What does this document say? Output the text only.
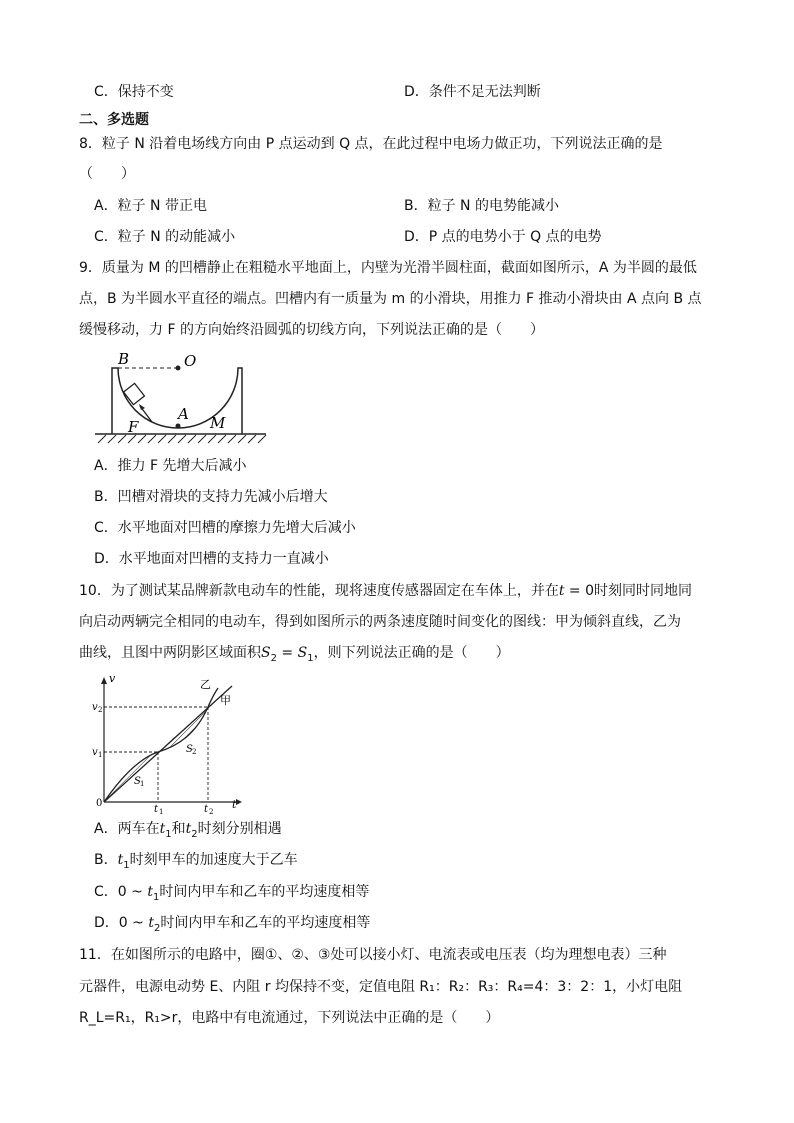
C．保持不变	D．条件不足无法判断
二、多选题
8．粒子 N 沿着电场线方向由 P 点运动到 Q 点，在此过程中电场力做正功，下列说法正确的是
（　　）
A．粒子 N 带正电	B．粒子 N 的电势能减小
C．粒子 N 的动能减小	D．P 点的电势小于 Q 点的电势
9．质量为 M 的凹槽静止在粗糙水平地面上，内壁为光滑半圆柱面，截面如图所示，A 为半圆的最低
点，B 为半圆水平直径的端点。凹槽内有一质量为 m 的小滑块，用推力 F 推动小滑块由 A 点向 B 点
缓慢移动，力 F 的方向始终沿圆弧的切线方向，下列说法正确的是（　　）
B	O
A M
F
A．推力 F 先增大后减小
B．凹槽对滑块的支持力先减小后增大
C．水平地面对凹槽的摩擦力先增大后减小
D．水平地面对凹槽的支持力一直减小
10．为了测试某品牌新款电动车的性能，现将速度传感器固定在车体上，并在t = 0时刻同时同地同
向启动两辆完全相同的电动车，得到如图所示的两条速度随时间变化的图线：甲为倾斜直线，乙为
曲线，且图中两阴影区域面积$S_2 = S_1$，则下列说法正确的是（　　）
v
t
0
v 1
v 2
t 1	t 2
S 1
S 2
乙
甲
A．两车在$t_1$和$t_2$时刻分别相遇
B．$t_1$时刻甲车的加速度大于乙车
C．0 ~ $t_1$时间内甲车和乙车的平均速度相等
D．0 ~ $t_2$时间内甲车和乙车的平均速度相等
11．在如图所示的电路中，圈①、②、③处可以接小灯、电流表或电压表（均为理想电表）三种
元器件，电源电动势 E、内阻 r 均保持不变，定值电阻 R₁：R₂：R₃：R₄=4：3：2：1，小灯电阻
R_L=R₁，R₁>r，电路中有电流通过，下列说法中正确的是（　　）
